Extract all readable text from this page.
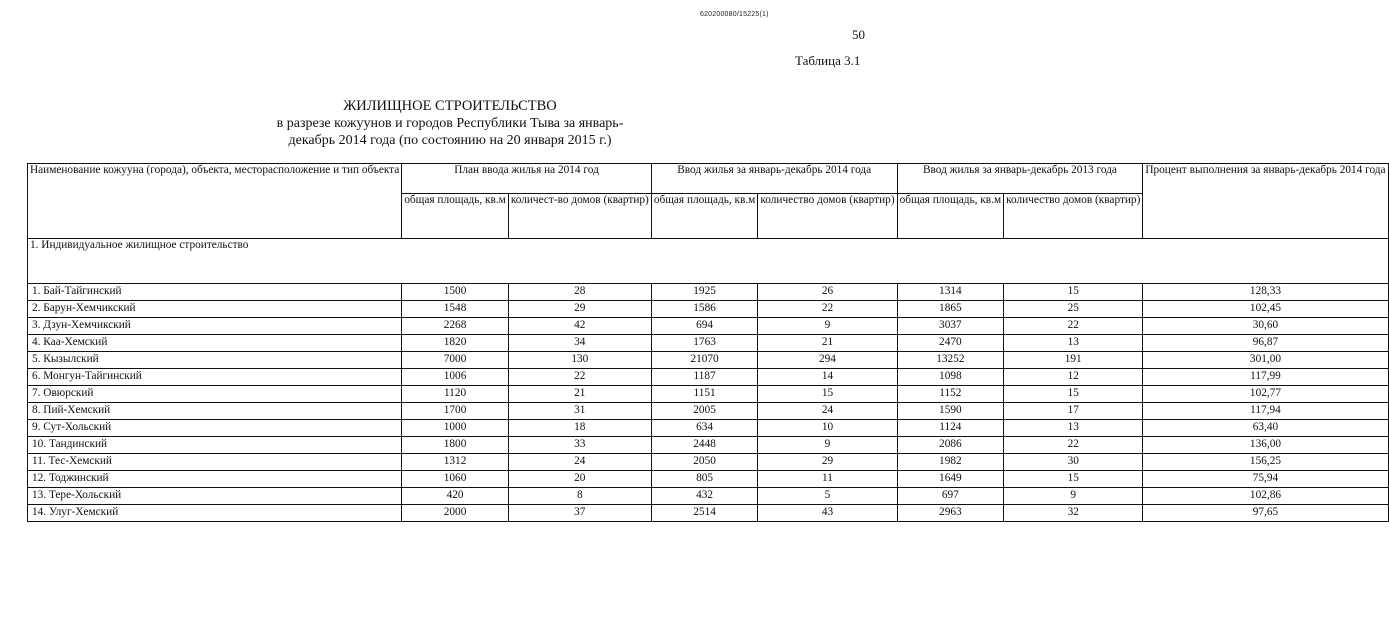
620200080/15225(1)
50
Таблица 3.1
ЖИЛИЩНОЕ СТРОИТЕЛЬСТВО
в разрезе кожуунов и городов Республики Тыва за январь-
декабрь 2014 года (по состоянию на 20 января 2015 г.)
Наименование кожууна (города), объекта, месторасположение и тип объекта	План ввода жилья на 2014 год		Ввод жилья за январь-декабрь 2014 года		Ввод жилья за январь-декабрь 2013 года		Процент выполнения за январь-декабрь 2014 года
	общая площадь, кв.м	количест-во домов (квартир)	общая площадь, кв.м	количество домов (квартир)	общая площадь, кв.м	количество домов (квартир)	
1. Индивидуальное жилищное строительство							
1. Бай-Тайгинский	1500	28	1925	26	1314	15	128,33
2. Барун-Хемчикский	1548	29	1586	22	1865	25	102,45
3. Дзун-Хемчикский	2268	42	694	9	3037	22	30,60
4. Каа-Хемский	1820	34	1763	21	2470	13	96,87
5. Кызылский	7000	130	21070	294	13252	191	301,00
6. Монгун-Тайгинский	1006	22	1187	14	1098	12	117,99
7. Овюрский	1120	21	1151	15	1152	15	102,77
8. Пий-Хемский	1700	31	2005	24	1590	17	117,94
9. Сут-Хольский	1000	18	634	10	1124	13	63,40
10. Тандинский	1800	33	2448	9	2086	22	136,00
11. Тес-Хемский	1312	24	2050	29	1982	30	156,25
12. Тоджинский	1060	20	805	11	1649	15	75,94
13. Тере-Хольский	420	8	432	5	697	9	102,86
14. Улуг-Хемский	2000	37	2514	43	2963	32	97,65
